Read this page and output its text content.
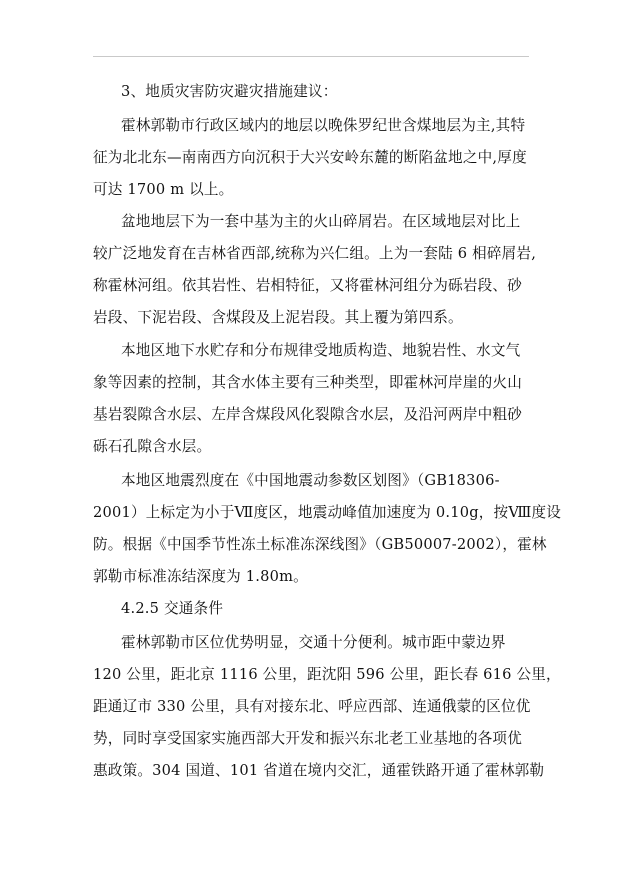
3、地质灾害防灾避灾措施建议：
霍林郭勒市行政区域内的地层以晚侏罗纪世含煤地层为主,其特
征为北北东—南南西方向沉积于大兴安岭东麓的断陷盆地之中,厚度
可达 1700 m 以上。
盆地地层下为一套中基为主的火山碎屑岩。在区域地层对比上
较广泛地发育在吉林省西部,统称为兴仁组。上为一套陆 6 相碎屑岩,
称霍林河组。依其岩性、岩相特征，又将霍林河组分为砾岩段、砂
岩段、下泥岩段、含煤段及上泥岩段。其上覆为第四系。
本地区地下水贮存和分布规律受地质构造、地貌岩性、水文气
象等因素的控制，其含水体主要有三种类型，即霍林河岸崖的火山
基岩裂隙含水层、左岸含煤段风化裂隙含水层，及沿河两岸中粗砂
砾石孔隙含水层。
本地区地震烈度在《中国地震动参数区划图》（GB18306-
2001）上标定为小于Ⅶ度区，地震动峰值加速度为 0.10g，按Ⅷ度设
防。根据《中国季节性冻土标准冻深线图》（GB50007-2002），霍林
郭勒市标准冻结深度为 1.80m。
4.2.5 交通条件
霍林郭勒市区位优势明显，交通十分便利。城市距中蒙边界
120 公里，距北京 1116 公里，距沈阳 596 公里，距长春 616 公里，
距通辽市 330 公里，具有对接东北、呼应西部、连通俄蒙的区位优
势，同时享受国家实施西部大开发和振兴东北老工业基地的各项优
惠政策。304 国道、101 省道在境内交汇，通霍铁路开通了霍林郭勒
